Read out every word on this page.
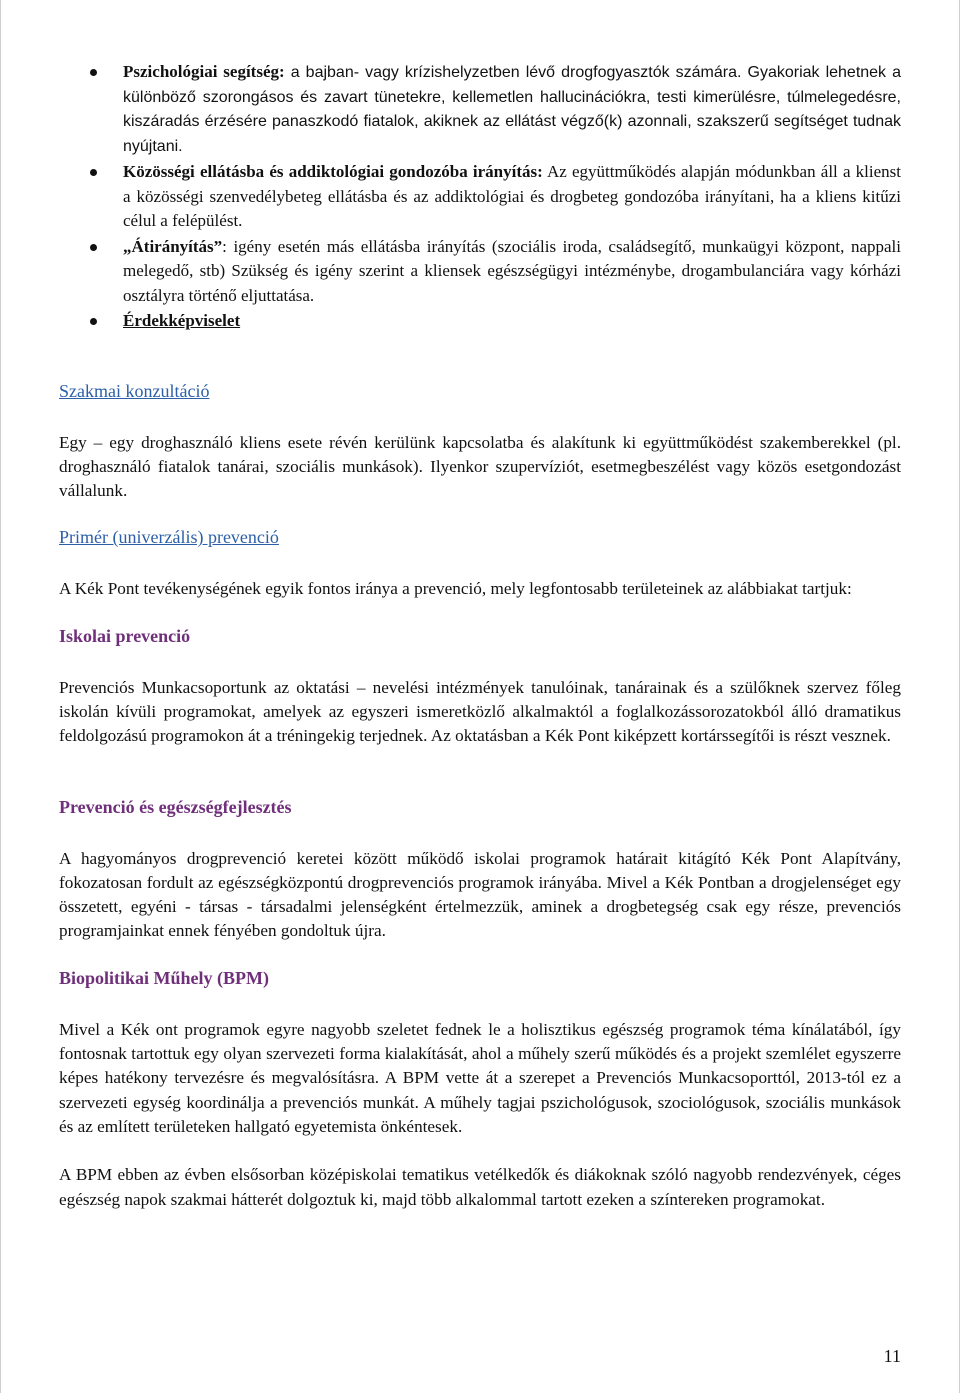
Pszichológiai segítség: a bajban- vagy krízishelyzetben lévő drogfogyasztók számára. Gyakoriak lehetnek a különböző szorongásos és zavart tünetekre, kellemetlen hallucinációkra, testi kimerülésre, túlmelegedésre, kiszáradás érzésére panaszkodó fiatalok, akiknek az ellátást végző(k) azonnali, szakszerű segítséget tudnak nyújtani.
Közösségi ellátásba és addiktológiai gondozóba irányítás: Az együttműködés alapján módunkban áll a klienst a közösségi szenvedélybeteg ellátásba és az addiktológiai és drogbeteg gondozóba irányítani, ha a kliens kitűzi célul a felépülést.
„Átirányítás”: igény esetén más ellátásba irányítás (szociális iroda, családsegítő, munkaügyi központ, nappali melegedő, stb) Szükség és igény szerint a kliensek egészségügyi intézménybe, drogambulanciára vagy kórházi osztályra történő eljuttatása.
Érdekképviselet
Szakmai konzultáció

Egy – egy droghasználó kliens esete révén kerülünk kapcsolatba és alakítunk ki együttműködést szakemberekkel (pl. droghasználó fiatalok tanárai, szociális munkások). Ilyenkor szupervíziót, esetmegbeszélést vagy közös esetgondozást vállalunk.

Primér (univerzális) prevenció

A Kék Pont tevékenységének egyik fontos iránya a prevenció, mely legfontosabb területeinek az alábbiakat tartjuk:

Iskolai prevenció

Prevenciós Munkacsoportunk az oktatási – nevelési intézmények tanulóinak, tanárainak és a szülőknek szervez főleg iskolán kívüli programokat, amelyek az egyszeri ismeretközlő alkalmaktól a foglalkozássorozatokból álló dramatikus feldolgozású programokon át a tréningekig terjednek. Az oktatásban a Kék Pont kiképzett kortárssegítői is részt vesznek.

Prevenció és egészségfejlesztés

A hagyományos drogprevenció keretei között működő iskolai programok határait kitágító Kék Pont Alapítvány, fokozatosan fordult az egészségközpontú drogprevenciós programok irányába. Mivel a Kék Pontban a drogjelenséget egy összetett, egyéni - társas - társadalmi jelenségként értelmezzük, aminek a drogbetegség csak egy része, prevenciós programjainkat ennek fényében gondoltuk újra.

Biopolitikai Műhely (BPM)

Mivel a Kék ont programok egyre nagyobb szeletet fednek le a holisztikus egészség programok téma kínálatából, így fontosnak tartottuk egy olyan szervezeti forma kialakítását, ahol a műhely szerű működés és a projekt szemlélet egyszerre képes hatékony tervezésre és megvalósításra. A BPM vette át a szerepet a Prevenciós Munkacsoporttól, 2013-tól ez a szervezeti egység koordinálja a prevenciós munkát. A műhely tagjai pszichológusok, szociológusok, szociális munkások és az említett területeken hallgató egyetemista önkéntesek.

A BPM ebben az évben elsősorban középiskolai tematikus vetélkedők és diákoknak szóló nagyobb rendezvények, céges egészség napok szakmai hátterét dolgoztuk ki, majd több alkalommal tartott ezeken a színtereken programokat.

11
